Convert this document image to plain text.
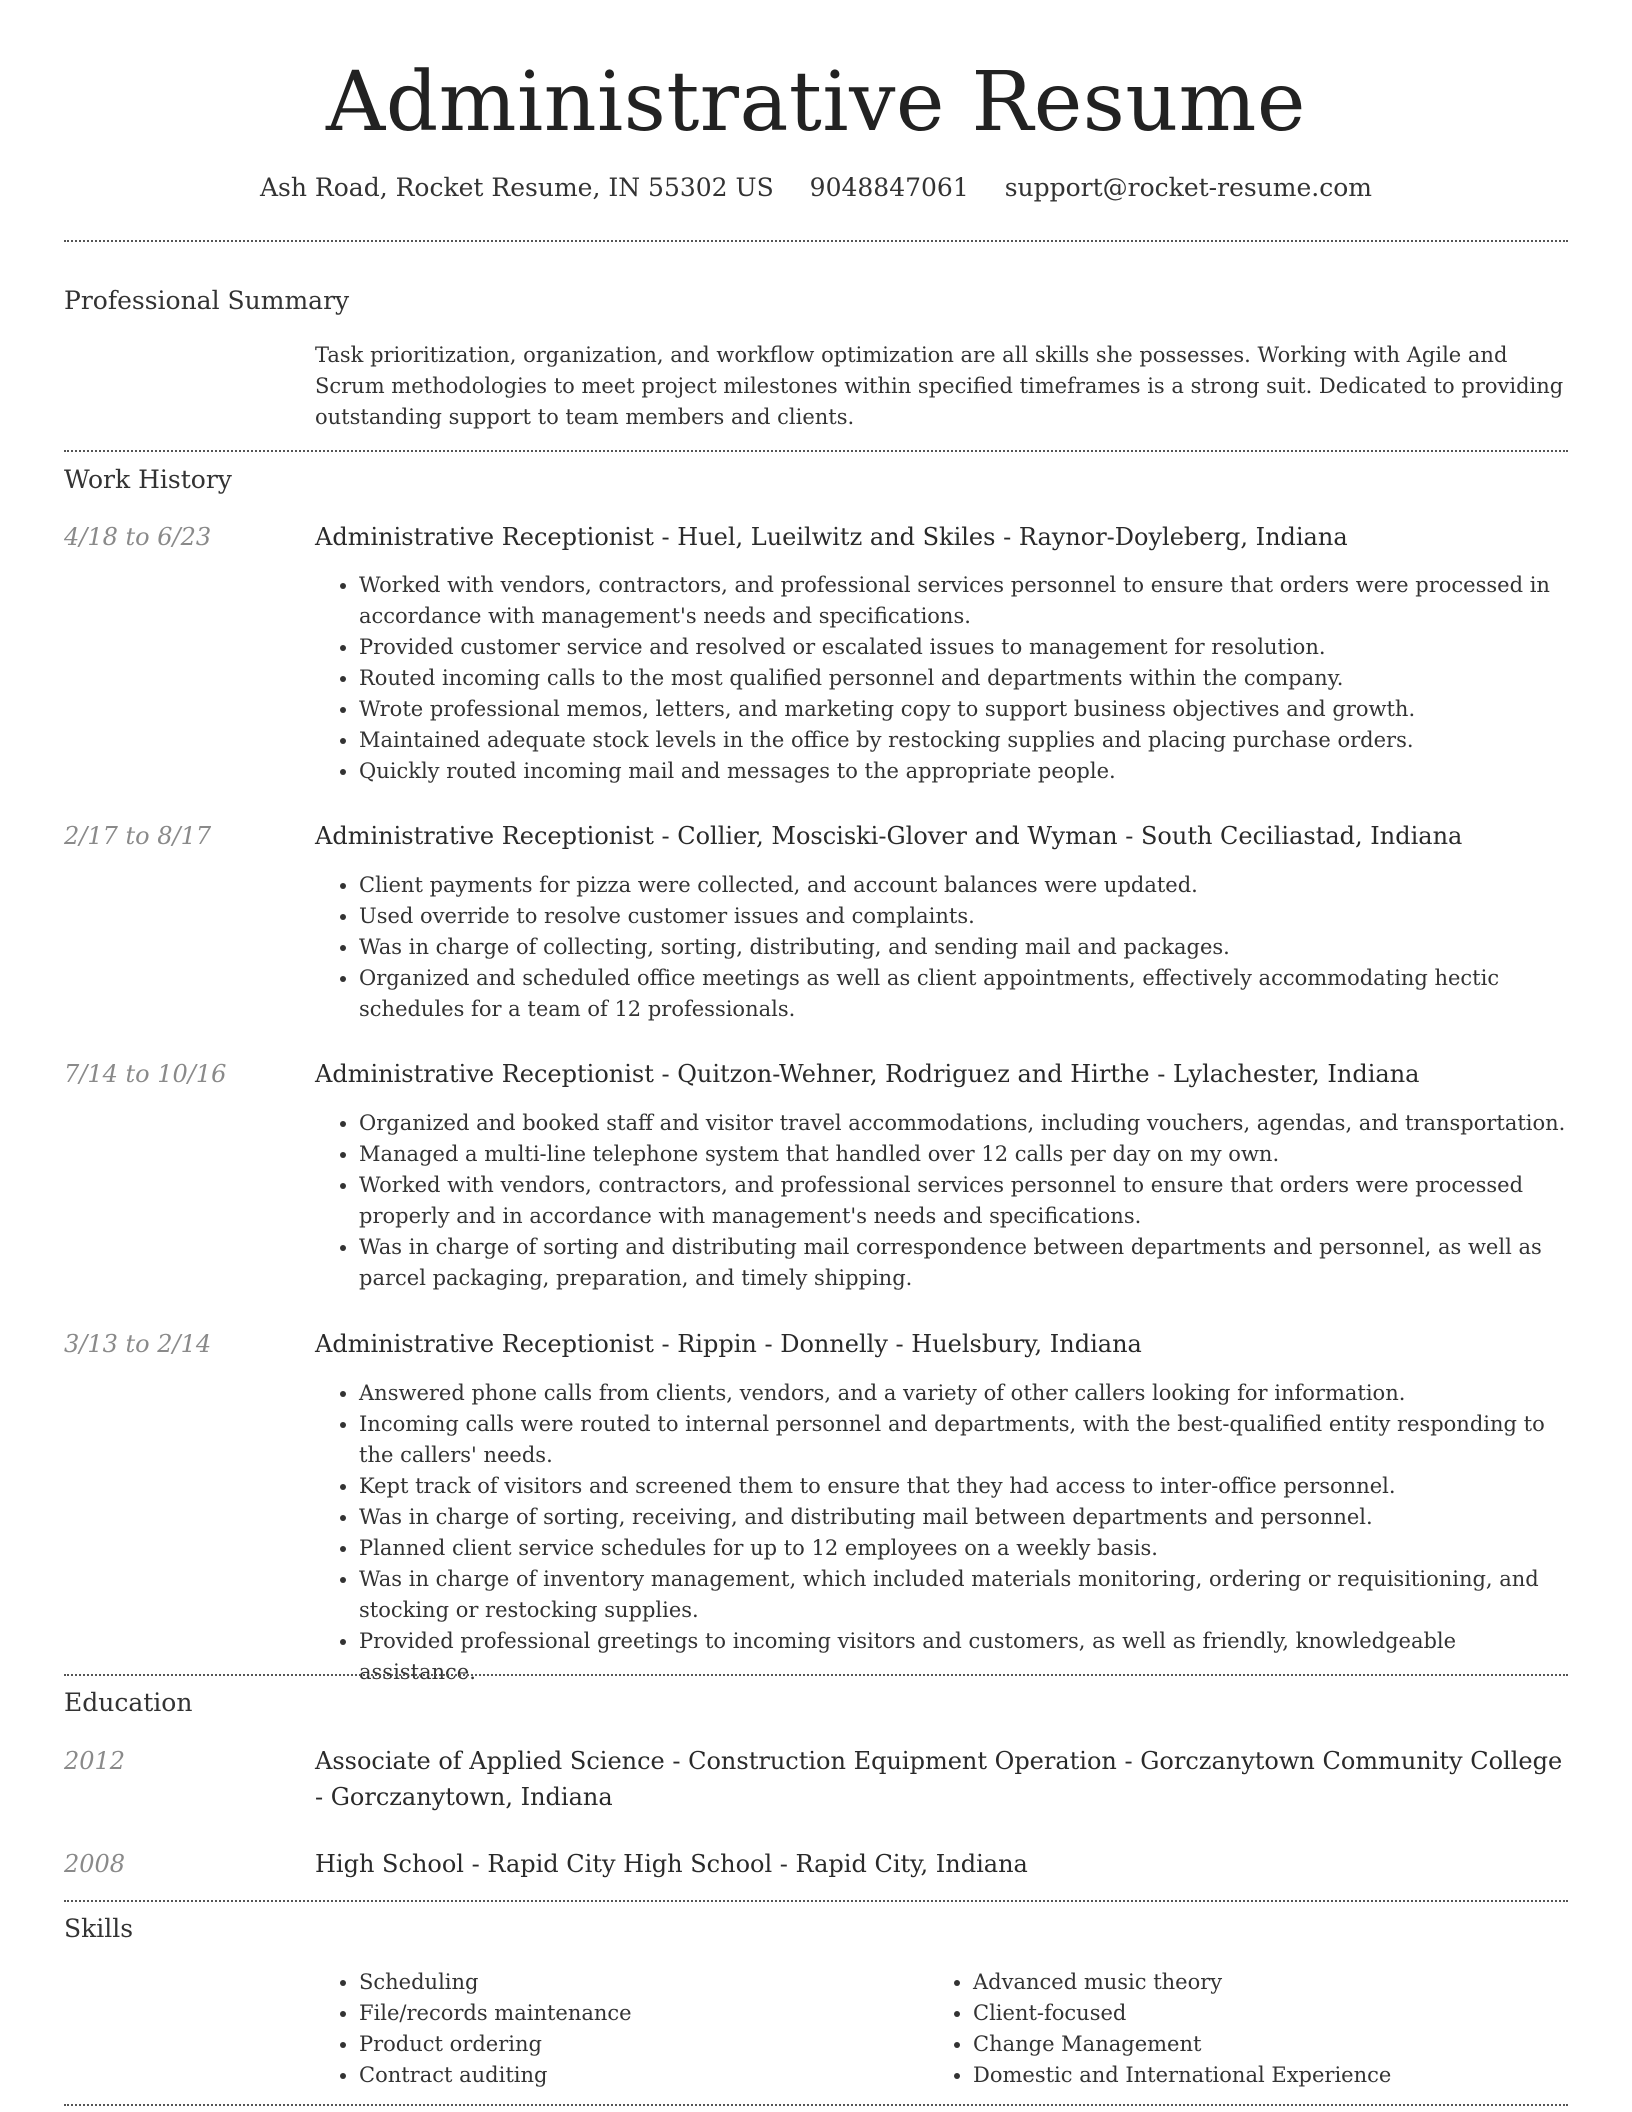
Administrative Resume
Ash Road, Rocket Resume, IN 55302 US 9048847061 support@rocket-resume.com
Professional Summary
Task prioritization, organization, and workflow optimization are all skills she possesses. Working with Agile and Scrum methodologies to meet project milestones within specified timeframes is a strong suit. Dedicated to providing outstanding support to team members and clients.
Work History
4/18 to 6/23	Administrative Receptionist - Huel, Lueilwitz and Skiles - Raynor-Doyleberg, Indiana
• Worked with vendors, contractors, and professional services personnel to ensure that orders were processed in accordance with management's needs and specifications.
• Provided customer service and resolved or escalated issues to management for resolution.
• Routed incoming calls to the most qualified personnel and departments within the company.
• Wrote professional memos, letters, and marketing copy to support business objectives and growth.
• Maintained adequate stock levels in the office by restocking supplies and placing purchase orders.
• Quickly routed incoming mail and messages to the appropriate people.
2/17 to 8/17	Administrative Receptionist - Collier, Mosciski-Glover and Wyman - South Ceciliastad, Indiana
• Client payments for pizza were collected, and account balances were updated.
• Used override to resolve customer issues and complaints.
• Was in charge of collecting, sorting, distributing, and sending mail and packages.
• Organized and scheduled office meetings as well as client appointments, effectively accommodating hectic schedules for a team of 12 professionals.
7/14 to 10/16	Administrative Receptionist - Quitzon-Wehner, Rodriguez and Hirthe - Lylachester, Indiana
• Organized and booked staff and visitor travel accommodations, including vouchers, agendas, and transportation.
• Managed a multi-line telephone system that handled over 12 calls per day on my own.
• Worked with vendors, contractors, and professional services personnel to ensure that orders were processed properly and in accordance with management's needs and specifications.
• Was in charge of sorting and distributing mail correspondence between departments and personnel, as well as parcel packaging, preparation, and timely shipping.
3/13 to 2/14	Administrative Receptionist - Rippin - Donnelly - Huelsbury, Indiana
• Answered phone calls from clients, vendors, and a variety of other callers looking for information.
• Incoming calls were routed to internal personnel and departments, with the best-qualified entity responding to the callers' needs.
• Kept track of visitors and screened them to ensure that they had access to inter-office personnel.
• Was in charge of sorting, receiving, and distributing mail between departments and personnel.
• Planned client service schedules for up to 12 employees on a weekly basis.
• Was in charge of inventory management, which included materials monitoring, ordering or requisitioning, and stocking or restocking supplies.
• Provided professional greetings to incoming visitors and customers, as well as friendly, knowledgeable assistance.
Education
2012	Associate of Applied Science - Construction Equipment Operation - Gorczanytown Community College - Gorczanytown, Indiana
2008	High School - Rapid City High School - Rapid City, Indiana
Skills
• Scheduling
• File/records maintenance
• Product ordering
• Contract auditing
• Advanced music theory
• Client-focused
• Change Management
• Domestic and International Experience
